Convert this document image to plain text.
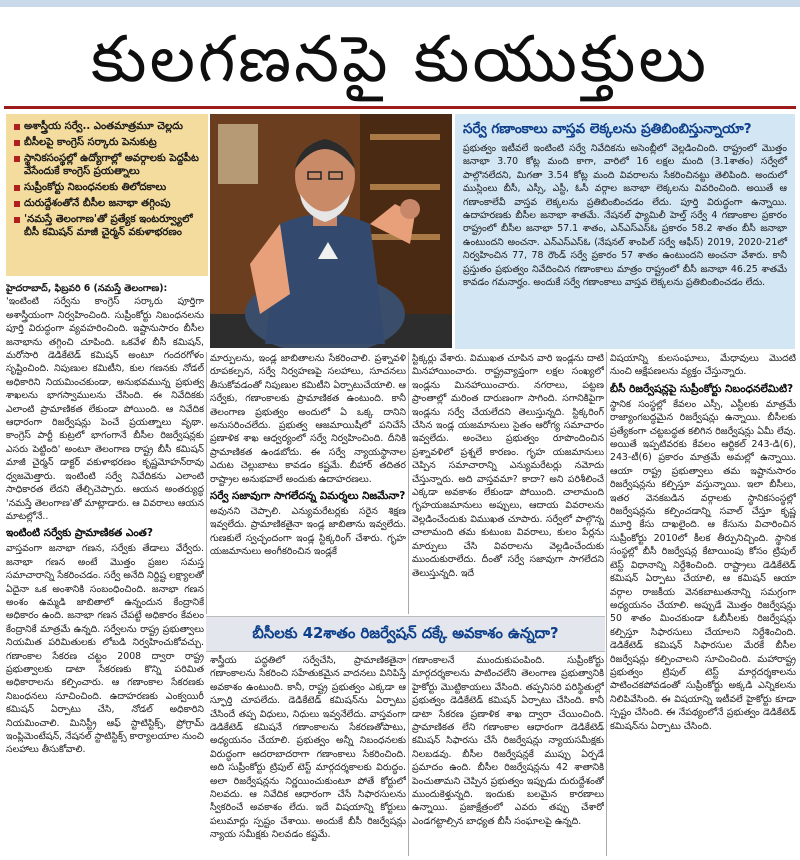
కులగణనపై కుయుక్తులు
అశాస్త్రీయ సర్వే.. ఎంతమాత్రమూ చెల్లదు
బీసీలపై కాంగ్రెస్ సర్కారు పెనుకుట్ర
స్థానికసంస్థల్లో ఉద్యోగాల్లో అవర్గాలకు పెద్దపీట వేసేందుకే కాంగ్రెస్ ప్రయత్నాలు
సుప్రీంకోర్టు నిబంధనలకు తిలోదకాలు
దురుద్దేశంతోనే బీసీల జనాభా తగ్గింపు
'నమస్తే తెలంగాణ'తో ప్రత్యేక ఇంటర్వ్యూలో బీసీ కమిషన్ మాజీ చైర్మన్ వకుళాభరణం
సర్వే గణాంకాలు వాస్తవ లెక్కలను ప్రతిబింబిస్తున్నాయా?
ప్రభుత్వం ఇటీవలే ఇంటింటి సర్వే నివేదికను అసెంబ్లీలో వెల్లడించింది. రాష్ట్రంలో మొత్తం జనాభా 3.70 కోట్ల మంది కాగా, వారిలో 16 లక్షల మంది (3.1శాతం) సర్వేలో పాల్గొనలేదని, మిగతా 3.54 కోట్ల మంది వివరాలను సేకరించినట్టు తెలిపింది. అందులో ముస్లింలు బీసీ, ఎస్సీ, ఎస్టీ, ఓసీ వర్గాల జనాభా లెక్కలను వివరించింది. అయితే ఆ గణాంకాలేవీ వాస్తవ లెక్కలను ప్రతిబింబించడం లేదు. పూర్తి విరుద్ధంగా ఉన్నాయి. ఉదాహరణకు బీసీల జనాభా శాతమే. నేషనల్ ఫ్యామిలీ హెల్త్ సర్వే 4 గణాంకాల ప్రకారం రాష్ట్రంలో బీసీల జనాభా 57.1 శాతం, ఎన్ఎస్ఎస్ఓ ప్రకారం 58.2 శాతం బీసీ జనాభా ఉంటుందని అంచనా. ఎన్ఎస్ఎస్ఓ (నేషనల్ శాంపిల్ సర్వే ఆఫీస్) 2019, 2020-21లో నిర్వహించిన 77, 78 రౌండ్ సర్వే ప్రకారం 57 శాతం ఉంటుందని అంచనా వేశారు. కానీ ప్రస్తుతం ప్రభుత్వం నివేదించిన గణాంకాలు మాత్రం రాష్ట్రంలో బీసీ జనాభా 46.25 శాతమే కావడం గమనార్హం. అందుకే సర్వే గణాంకాలు వాస్తవ లెక్కలను ప్రతిబింబించడం లేదు.
హైదరాబాద్, ఫిబ్రవరి 6 (నమస్తే తెలంగాణ):
'ఇంటింటి సర్వేను కాంగ్రెస్ సర్కారు పూర్తిగా అశాస్త్రీయంగా నిర్వహించింది. సుప్రీంకోర్టు నిబంధనలను పూర్తి విరుద్ధంగా వ్యవహరించింది. ఇష్టానుసారం బీసీల జనాభాను తగ్గించి చూపింది. ఒకవేళ బీసీ కమిషన్, మరోసారి డెడికేటెడ్ కమిషన్ అంటూ గందరగోళం సృష్టించింది. నిపుణుల కమిటీని, కుల గణనకు నోడల్ అధికారిని నియమించకుండా, అనుభవమున్న ప్రభుత్వ శాఖలను భాగస్వాములను చేసింది. ఈ నివేదికకు ఎలాంటి ప్రామాణికత లేకుండా పోయింది. ఆ నివేదిక ఆధారంగా రిజర్వేషన్లు పెంచే ప్రయత్నాలు వృథా. కాంగ్రెస్ పార్టీ కుట్రలో భాగంగానే బీసీల రిజర్వేషన్లకు ఎసరు పెట్టింది' అంటూ తెలంగాణ రాష్ట్ర బీసీ కమిషన్ మాజీ చైర్మన్ డాక్టర్ వకుళాభరణం కృష్ణమోహన్‌రావు ధ్వజమెత్తారు. ఇంటింటి సర్వే నివేదికను ఎలాంటి సాధికారత లేదని తేల్చిచెప్పారు. ఆయన అంతర్యుద్ధ 'నమస్తే తెలంగాణ'తో మాట్లాడారు. ఆ వివరాలు ఆయన మాటల్లోనే..
ఇంటింటి సర్వేకు ప్రామాణికత ఎంత?
వాస్తవంగా జనాభా గణన, సర్వేకు తేడాలు వేర్వేరు. జనాభా గణన అంటే మొత్తం ప్రజల సమస్త సమాచారాన్ని సేకరించడం. సర్వే అనేది నిర్దిష్ట లక్ష్యాలతో ఏదైనా ఒక అంశానికి సంబంధించింది. జనాభా గణన అంశం ఉమ్మడి జాబితాలో ఉన్నందున కేంద్రానికే అధికారం ఉంది. జనాభా గణన చేపట్టే అధికారం కేవలం కేంద్రానికే మాత్రమే ఉన్నది. సర్వేలను రాష్ట్ర ప్రభుత్వాలు నియమిత పరిమితులకు లోబడి నిర్వహించుకోవచ్చు. గణాంకాల సేకరణ చట్టం 2008 ద్వారా రాష్ట్ర ప్రభుత్వాలకు డాటా సేకరణకు కొన్ని పరిమిత అధికారాలను కల్పించారు. ఆ గణాంకాల సేకరణకు నిబంధనలు సూచించింది. ఉదాహరణకు ఎంక్వయిరీ కమిషన్ ఏర్పాటు చేసి, నోడల్ అధికారిని నియమించాలి. మినిస్ట్రీ ఆఫ్ స్టాటిస్టిక్స్, ప్రోగ్రామ్ ఇంప్లిమెంటేషన్, నేషనల్ స్టాటిస్టిక్స్ కార్యాలయాల నుంచి సలహాలు తీసుకోవాలి.
మార్పులను, ఇండ్ల జాబితాలను సేకరించాలి. ప్రశ్నావళి రూపకల్పన, సర్వే నిర్వహణపై సలహాలు, సూచనలు తీసుకోవడంతో నిపుణుల కమిటీని ఏర్పాటుచేయాలి. ఆ సర్వేకు, గణాంకాలకు ప్రామాణికత ఉంటుంది. కానీ తెలంగాణ ప్రభుత్వం అందులో ఏ ఒక్క దానిని అనుసరించలేదు. ప్రభుత్వ ఆజమాయిషీలో పనిచేసే ప్రణాళిక శాఖ ఆధ్వర్యంలో సర్వే నిర్వహించింది. దీనికి ప్రామాణికత ఉండబోదు. ఈ సర్వే న్యాయస్థానాల ఎదుట చెల్లుబాటు కావడం కష్టమే. బీహార్ తదితర రాష్ట్రాల అనుభవాలే అందుకు ఉదాహరణలు.
సర్వే సజావుగా సాగలేదన్న విమర్శలు నిజమేనా?
అవునని చెప్పాలి. ఎన్యుమరేటర్లకు సరైన శిక్షణ ఇవ్వలేదు. ప్రామాణికతైనా ఇండ్ల జాబితాను ఇవ్వలేదు. గుణకులే స్వచ్ఛందంగా ఇండ్ల స్టిక్కరింగ్ చేశారు. గృహ యజమానులు అంగీకరించిన ఇండ్లకే
స్టిక్కర్లు వేశారు. విముఖత చూపిన వారి ఇండ్లను దాటి మినహాయించారు. రాష్ట్రవ్యాప్తంగా లక్షల సంఖ్యలో ఇండ్లను మినహాయించారు. నగరాలు, పట్టణ ప్రాంతాల్లో మరింత దారుణంగా సాగింది. సగానికిపైగా ఇండ్లను సర్వే చేయలేదని తెలుస్తున్నది. స్టిక్కరింగ్ చేసిన ఇండ్ల యజమానులు సైతం ఆరోగ్య సమాచారం ఇవ్వలేదు. అంచెలు ప్రభుత్వం రూపొందించిన ప్రశ్నావళిలో ప్రశ్నలే కారణం. గృహ యజమానులు చెప్పిన సమాచారాన్ని ఎన్యుమరేటర్లు నమోదు చేస్తున్నారు. అది వాస్తవమా? కాదా? అని పరిశీలించే ఎక్కడా అవకాశం లేకుండా పోయింది. చాలామంది గృహయజమానులు అప్పులు, ఆదాయ వివరాలను వెల్లడించేందుకు విముఖత చూపారు. సర్వేలో పాల్గొన్న చాలామంది తమ కుటుంబ వివరాలు, కులం పేర్లను మార్పులు చేసి వివరాలను వెల్లడించేందుకు ముందుకురాలేదు. దీంతో సర్వే సజావుగా సాగలేదని తెలుస్తున్నది. ఇదే
విషయాన్ని కులసంఘాలు, మేధావులు మొదటి నుంచి ఆక్షేపణలను వ్యక్తం చేస్తున్నారు.
బీసీ రిజర్వేషన్లపై సుప్రీంకోర్టు నిబంధనలేమిటి?
స్థానిక సంస్థల్లో కేవలం ఎస్సీ, ఎస్టీలకు మాత్రమే రాజ్యాంగబద్ధమైన రిజర్వేషన్లు ఉన్నాయి. బీసీలకు ప్రత్యేకంగా చట్టబద్ధత కలిగిన రిజర్వేషన్లు ఏమీ లేవు. అయితే ఇప్పటివరకు కేవలం ఆర్టికల్ 243-డి(6), 243-టీ(6) ప్రకారం మాత్రమే అమల్లో ఉన్నాయి. ఆయా రాష్ట్ర ప్రభుత్వాలు తమ ఇష్టానుసారం రిజర్వేషన్లను కల్పిస్తూ వస్తున్నాయి. ఇలా బీసీలు, ఇతర వెనకబడిన వర్గాలకు స్థానికసంస్థల్లో రిజర్వేషన్లను కల్పించడాన్ని సవాల్ చేస్తూ కృష్ణ మూర్తి కేసు దాఖలైంది. ఆ కేసును విచారించిన సుప్రీంకోర్టు 2010లో కీలక తీర్పునిచ్చింది. స్థానిక సంస్థల్లో బీసీ రిజర్వేషన్ల కేటాయింపు కోసం ట్రిపుల్ టెస్ట్ విధానాన్ని నిర్దేశించింది. రాష్ట్రాలు డెడికేటెడ్ కమిషన్ ఏర్పాటు చేయాలి, ఆ కమిషన్ ఆయా వర్గాల రాజకీయ వెనకబాటుతనాన్ని సమగ్రంగా అధ్యయనం చేయాలి. అప్పుడే మొత్తం రిజర్వేషన్లు 50 శాతం మించకుండా ఓబీసీలకు రిజర్వేషన్లు కల్పిస్తూ సిఫారసులు చేయాలని నిర్దేశించింది. డెడికేటెడ్ కమిషన్ సిఫారసుల మేరకే బీసీల రిజర్వేషన్లు కల్పించాలని సూచించింది. మహారాష్ట్ర ప్రభుత్వం ట్రిపుల్ టెస్ట్ మార్గదర్శకాలను పాటించకపోవడంతో సుప్రీంకోర్టు అక్కడి ఎన్నికలను నిలిపివేసింది. ఈ విషయాన్ని ఇటీవలే హైకోర్టు కూడా స్పష్టం చేసింది. ఈ నేపథ్యంలోనే ప్రభుత్వం డెడికేటెడ్ కమిషన్‌ను ఏర్పాటు చేసింది.
బీసీలకు 42శాతం రిజర్వేషన్ దక్కే అవకాశం ఉన్నదా?
శాస్త్రీయ పద్ధతిలో సర్వేచేసి, ప్రామాణికతైనా గణాంకాలను సేకరించి సహేతుకమైన వాదనలు వినిపిస్తే అవకాశం ఉంటుంది. కానీ, రాష్ట్ర ప్రభుత్వం ఎక్కడా ఆ స్ఫూర్తి చూపలేదు. డెడికేటెడ్ కమిషన్‌ను ఏర్పాటు చేసిందే తప్ప విధులు, నిధులు ఇవ్వనేలేదు. వాస్తవంగా డెడికేటెడ్ కమిషనే గణాంకాలను సేకరణతోపాటు, అధ్యయనం చేయాలి. ప్రభుత్వం అన్నీ నిబంధనలకు విరుద్ధంగా ఆదరాబాదరాగా గణాంకాలు సేకరించింది. అది సుప్రీంకోర్టు ట్రిపుల్ టెస్ట్ మార్గదర్శకాలకు విరుద్ధం. అలా రిజర్వేషన్లను నిర్ణయించుకుంటూ పోతే కోర్టులో నిలవదు. ఆ నివేదిక ఆధారంగా చేసే సిఫారసులను స్వీకరించే అవకాశం లేదు. ఇదే విషయాన్ని కోర్టులు పలుమార్లు స్పష్టం చేశాయి. అందుకే బీసీ రిజర్వేషన్లు న్యాయ సమీక్షకు నిలవడం కష్టమే.
గణాంకాలనే ముందుకుపంపింది. సుప్రీంకోర్టు మార్గదర్శకాలను పాటించలేని తెలంగాణ ప్రభుత్వానికి హైకోర్టు మొట్టికాయలు వేసింది. తప్పనిసరి పరిస్థితుల్లో ప్రభుత్వం డెడికేటెడ్ కమిషన్ ఏర్పాటు చేసింది. కానీ డాటా సేకరణ ప్రణాళిక శాఖ ద్వారా చేయించింది. ప్రామాణికత లేని గణాంకాల ఆధారంగా డెడికేటెడ్ కమిషన్ సిఫారసు చేసే రిజర్వేషన్లు న్యాయసమీక్షకు నిలబడవు. బీసీల రిజర్వేషన్లకే ముప్పు ఏర్పడే ప్రమాదం ఉంది. బీసీల రిజర్వేషన్లను 42 శాతానికి పెంచుతామని చెప్పిన ప్రభుత్వం ఇప్పుడు దురుద్దేశంతో ముందుకెళ్తున్నది. ఇందుకు బలమైన కారణాలు ఉన్నాయి. ప్రజాక్షేత్రంలో ఎవరు తప్పు చేశారో ఎండగట్టాల్సిన బాధ్యత బీసీ సంఘాలపై ఉన్నది.
